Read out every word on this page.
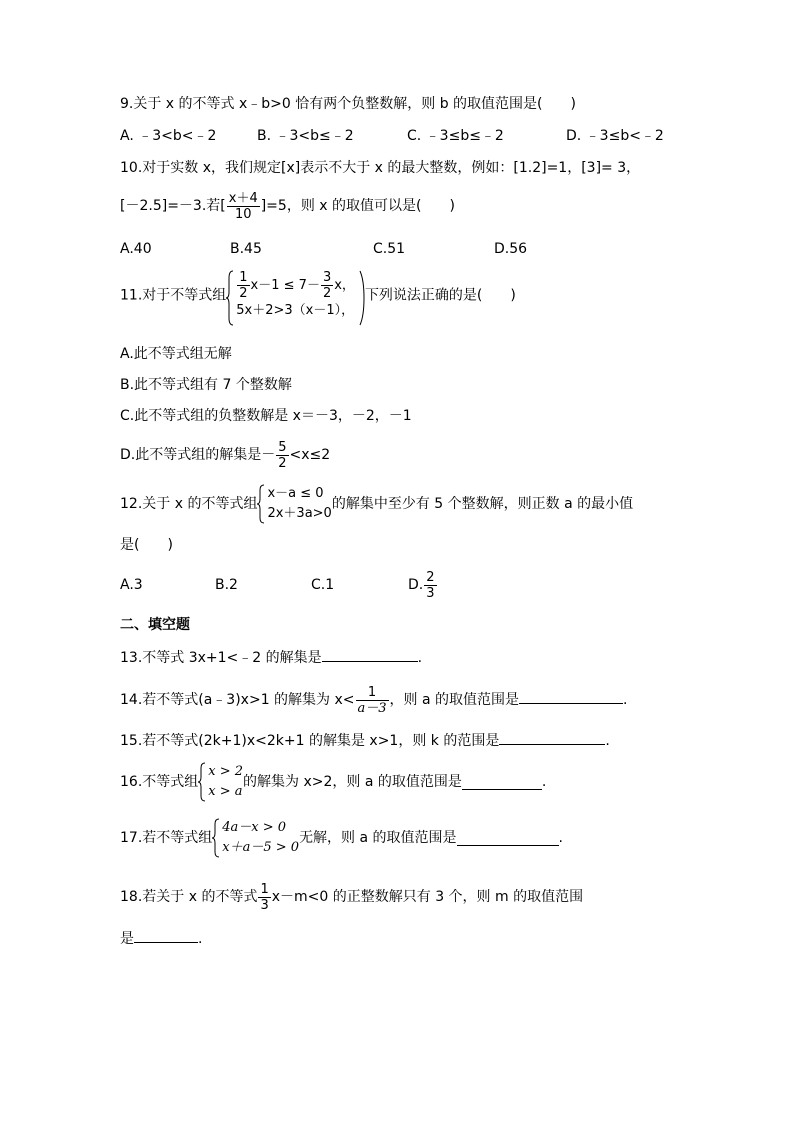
9.关于 x 的不等式 x﹣b>0 恰有两个负整数解，则 b 的取值范围是(　　)
A. ﹣3<b<﹣2	B. ﹣3<b≤﹣2	C. ﹣3≤b≤﹣2	D. ﹣3≤b<﹣2
10.对于实数 x，我们规定[x]表示不大于 x 的最大整数，例如：[1.2]=1，[3]= 3，
[－2.5]=－3.若[ $\frac{x+4}{10} ]=5$，则 x 的取值可以是(　　)
A.40	B.45	C.51	D.56
11.对于不等式组 $\frac{1}{2} x-1 \le 7- \frac{3}{2}$ x，
5x＋2>3（x－1），
下列说法正确的是(　　)
A.此不等式组无解
B.此不等式组有 7 个整数解
C.此不等式组的负整数解是 x＝－3，－2，－1
D.此不等式组的解集是－ $\frac{5}{2} <x\le 2$
12.关于 x 的不等式组
x－a ≤ 0
2x＋3a>0
的解集中至少有 5 个整数解，则正数 a 的最小值
是(　　)
A.3	B.2	C.1	D. $\frac{2}{3}$
二、填空题
13.不等式 3x+1<﹣2 的解集是	.
14.若不等式(a﹣3)x>1 的解集为 $x< \frac{1}{a-3}$ ，则 a 的取值范围是	.
15.若不等式(2k+1)x<2k+1 的解集是 x>1，则 k 的范围是	.
16.不等式组
x > 2
x > a
的解集为 x>2，则 a 的取值范围是	.
17.若不等式组
4a－x > 0
x＋a－5 > 0
无解，则 a 的取值范围是	.
18.若关于 x 的不等式 $\frac{1}{3} x-m<0$ 的正整数解只有 3 个，则 m 的取值范围
是	.
